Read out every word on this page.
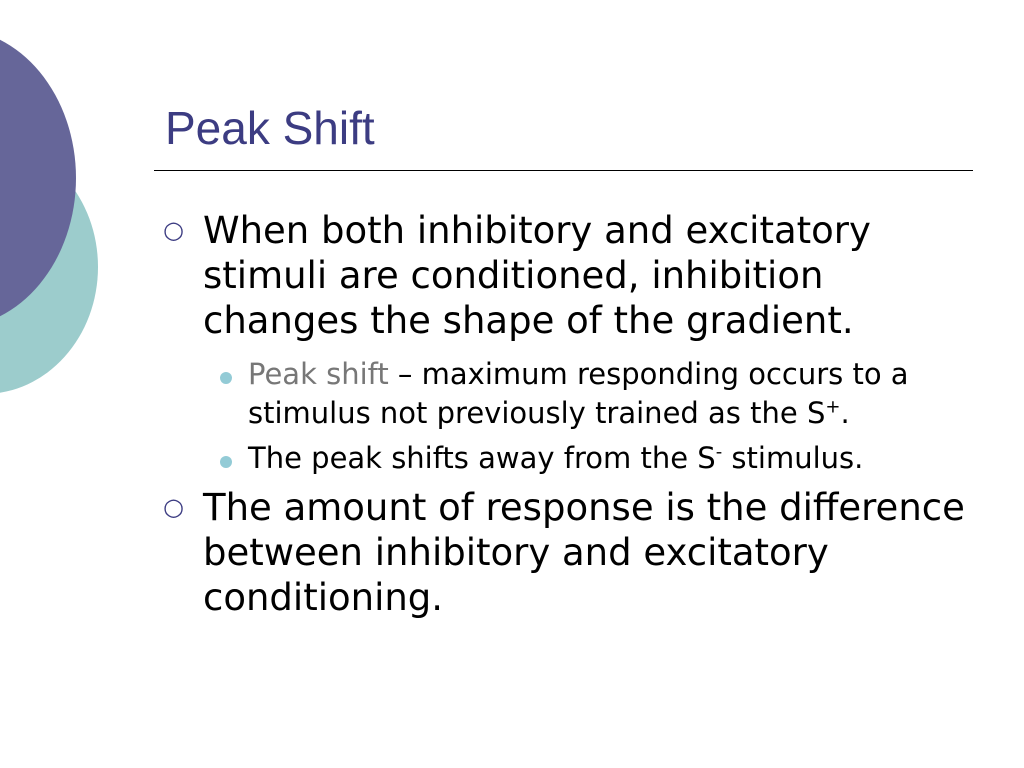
Peak Shift
○ When both inhibitory and excitatory stimuli are conditioned, inhibition changes the shape of the gradient.
Peak shift – maximum responding occurs to a stimulus not previously trained as the S+.
The peak shifts away from the S- stimulus.
○ The amount of response is the difference between inhibitory and excitatory conditioning.
